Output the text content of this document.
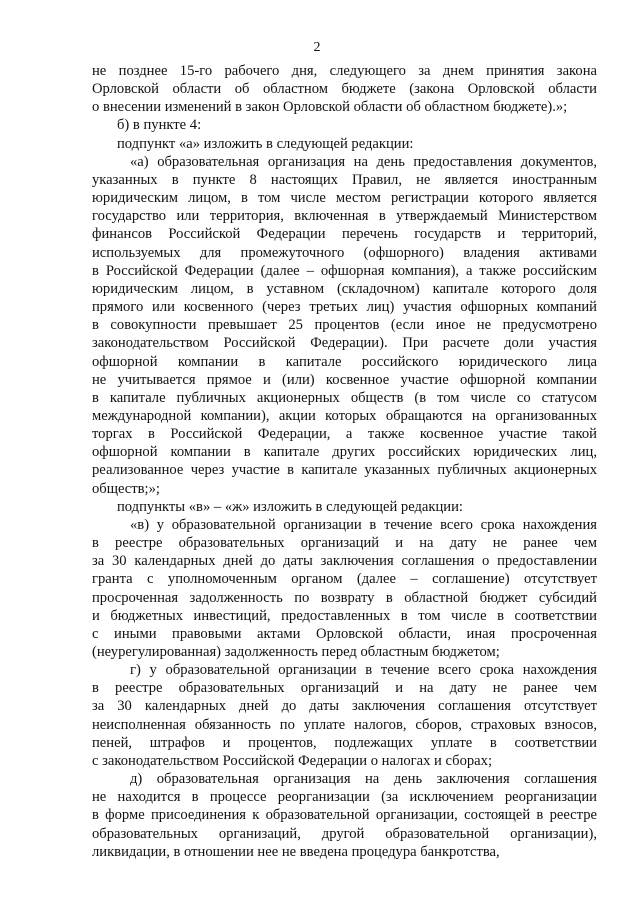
2
не позднее 15-го рабочего дня, следующего за днем принятия закона
Орловской области об областном бюджете (закона Орловской области
о внесении изменений в закон Орловской области об областном бюджете).»;
б) в пункте 4:
подпункт «а» изложить в следующей редакции:
«а) образовательная организация на день предоставления документов,
указанных в пункте 8 настоящих Правил, не является иностранным
юридическим лицом, в том числе местом регистрации которого является
государство или территория, включенная в утверждаемый Министерством
финансов Российской Федерации перечень государств и территорий,
используемых для промежуточного (офшорного) владения активами
в Российской Федерации (далее – офшорная компания), а также российским
юридическим лицом, в уставном (складочном) капитале которого доля
прямого или косвенного (через третьих лиц) участия офшорных компаний
в совокупности превышает 25 процентов (если иное не предусмотрено
законодательством Российской Федерации). При расчете доли участия
офшорной компании в капитале российского юридического лица
не учитывается прямое и (или) косвенное участие офшорной компании
в капитале публичных акционерных обществ (в том числе со статусом
международной компании), акции которых обращаются на организованных
торгах в Российской Федерации, а также косвенное участие такой
офшорной компании в капитале других российских юридических лиц,
реализованное через участие в капитале указанных публичных акционерных
обществ;»;
подпункты «в» – «ж» изложить в следующей редакции:
«в) у образовательной организации в течение всего срока нахождения
в реестре образовательных организаций и на дату не ранее чем
за 30 календарных дней до даты заключения соглашения о предоставлении
гранта с уполномоченным органом (далее – соглашение) отсутствует
просроченная задолженность по возврату в областной бюджет субсидий
и бюджетных инвестиций, предоставленных в том числе в соответствии
с иными правовыми актами Орловской области, иная просроченная
(неурегулированная) задолженность перед областным бюджетом;
г) у образовательной организации в течение всего срока нахождения
в реестре образовательных организаций и на дату не ранее чем
за 30 календарных дней до даты заключения соглашения отсутствует
неисполненная обязанность по уплате налогов, сборов, страховых взносов,
пеней, штрафов и процентов, подлежащих уплате в соответствии
с законодательством Российской Федерации о налогах и сборах;
д) образовательная организация на день заключения соглашения
не находится в процессе реорганизации (за исключением реорганизации
в форме присоединения к образовательной организации, состоящей в реестре
образовательных организаций, другой образовательной организации),
ликвидации, в отношении нее не введена процедура банкротства,
